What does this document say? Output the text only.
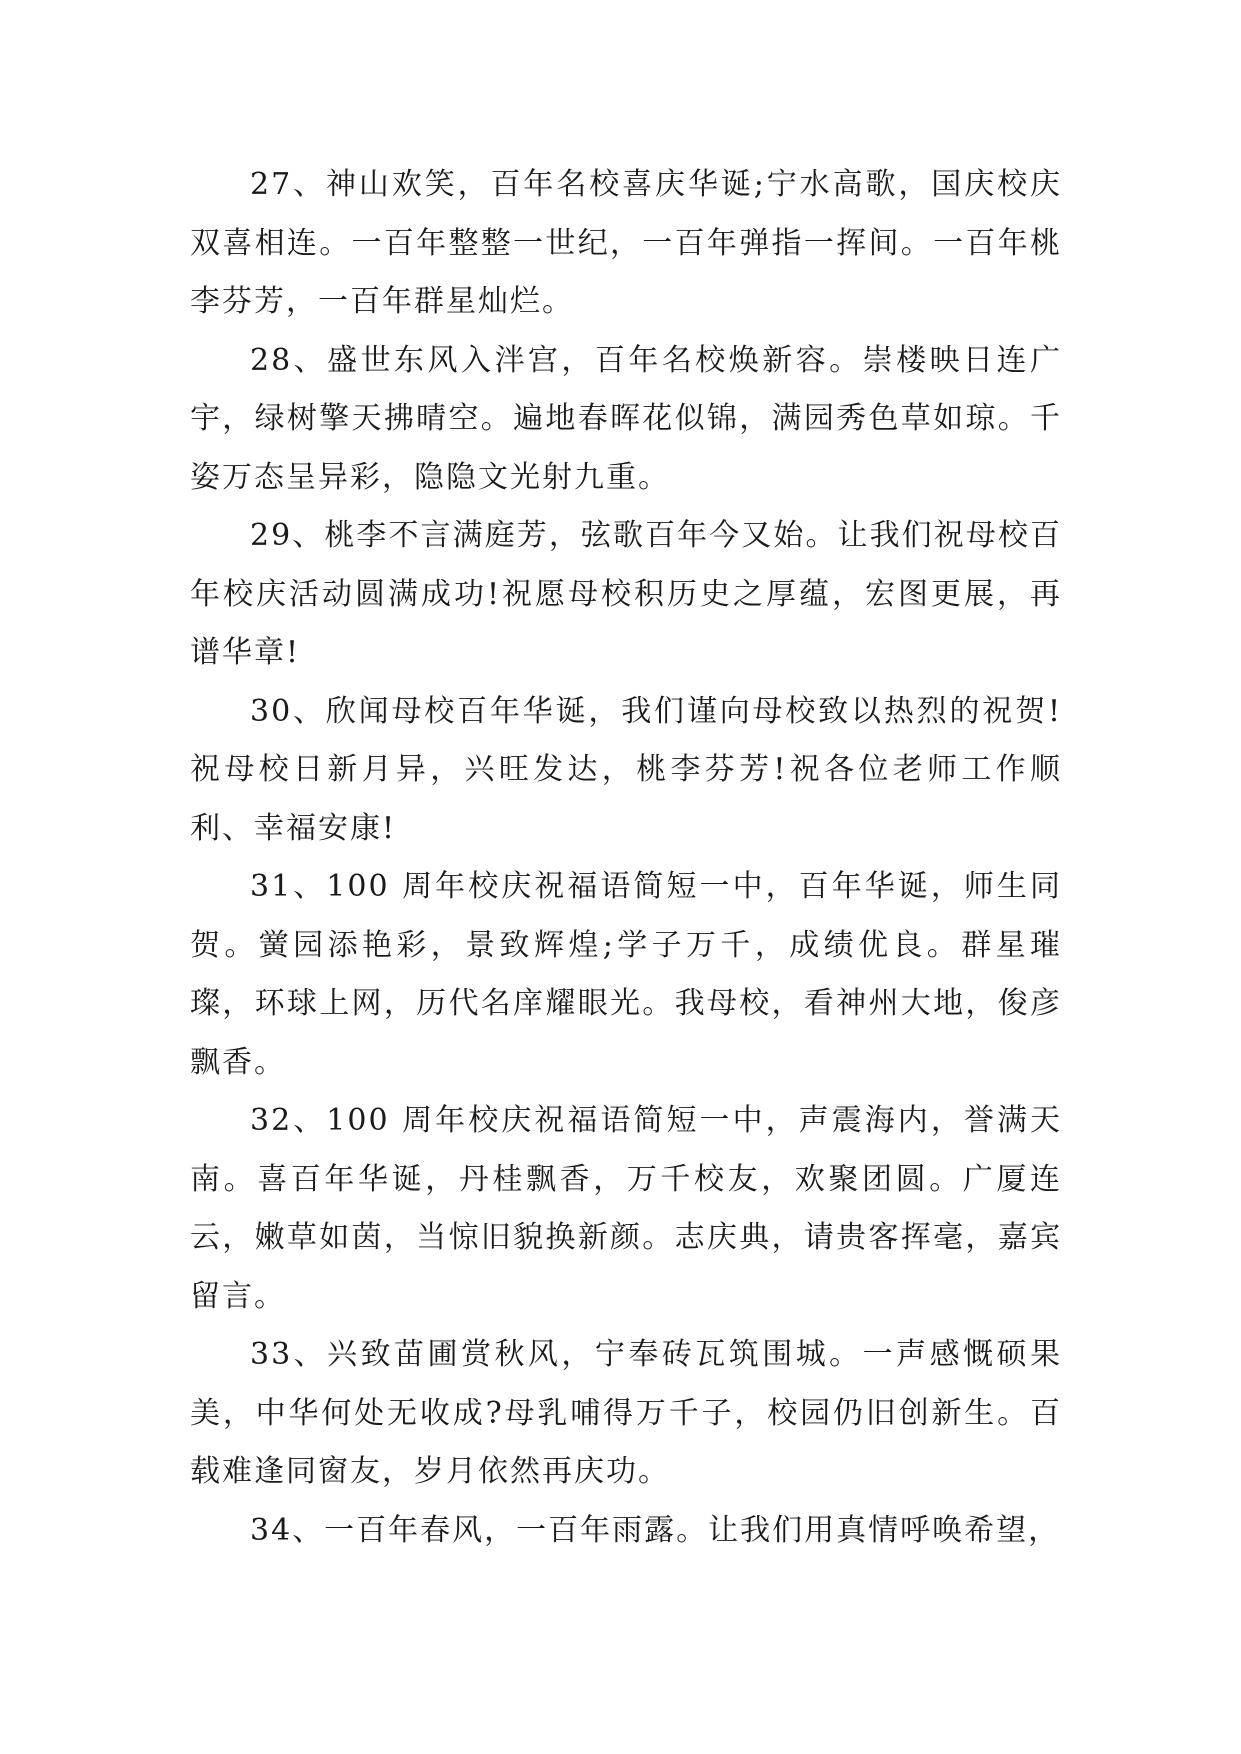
27、神山欢笑，百年名校喜庆华诞;宁水高歌，国庆校庆双喜相连。一百年整整一世纪，一百年弹指一挥间。一百年桃李芬芳，一百年群星灿烂。

28、盛世东风入泮宫，百年名校焕新容。崇楼映日连广宇，绿树擎天拂晴空。遍地春晖花似锦，满园秀色草如琼。千姿万态呈异彩，隐隐文光射九重。

29、桃李不言满庭芳，弦歌百年今又始。让我们祝母校百年校庆活动圆满成功!祝愿母校积历史之厚蕴，宏图更展，再谱华章!

30、欣闻母校百年华诞，我们谨向母校致以热烈的祝贺!祝母校日新月异，兴旺发达，桃李芬芳!祝各位老师工作顺利、幸福安康!

31、100 周年校庆祝福语简短一中，百年华诞，师生同贺。黉园添艳彩，景致辉煌;学子万千，成绩优良。群星璀璨，环球上网，历代名庠耀眼光。我母校，看神州大地，俊彦飘香。

32、100 周年校庆祝福语简短一中，声震海内，誉满天南。喜百年华诞，丹桂飘香，万千校友，欢聚团圆。广厦连云，嫩草如茵，当惊旧貌换新颜。志庆典，请贵客挥毫，嘉宾留言。

33、兴致苗圃赏秋风，宁奉砖瓦筑围城。一声感慨硕果美，中华何处无收成?母乳哺得万千子，校园仍旧创新生。百载难逢同窗友，岁月依然再庆功。

34、一百年春风，一百年雨露。让我们用真情呼唤希望，
